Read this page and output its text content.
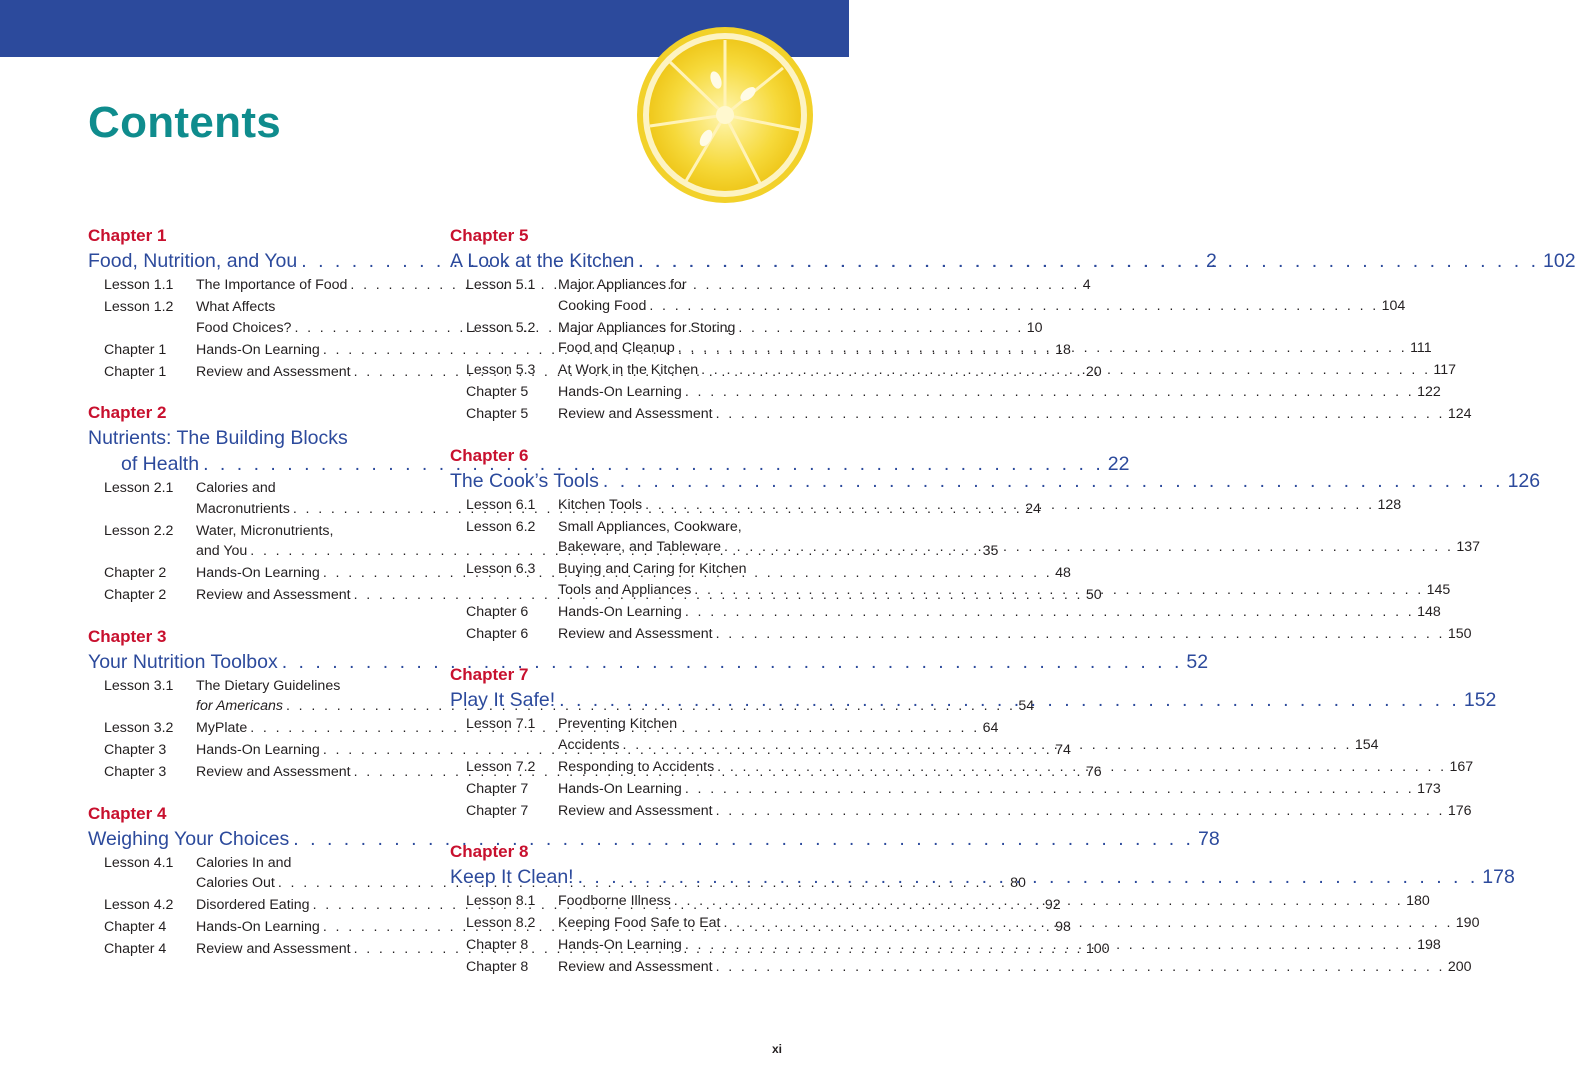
Contents
Chapter 1
Food, Nutrition, and You . . .	2
Lesson 1.1	The Importance of Food . . .	4
Lesson 1.2	What Affects
Food Choices? . . .	10
Chapter 1	Hands-On Learning . . .	18
Chapter 1	Review and Assessment . . .	20
Chapter 2
Nutrients: The Building Blocks
of Health . . .	22
Lesson 2.1	Calories and
Macronutrients . . .	24
Lesson 2.2	Water, Micronutrients,
and You . . .	35
Chapter 2	Hands-On Learning . . .	48
Chapter 2	Review and Assessment . . .	50
Chapter 3
Your Nutrition Toolbox . . .	52
Lesson 3.1	The Dietary Guidelines
for Americans . . .	54
Lesson 3.2	MyPlate . . .	64
Chapter 3	Hands-On Learning . . .	74
Chapter 3	Review and Assessment . . .	76
Chapter 4
Weighing Your Choices . . .	78
Lesson 4.1	Calories In and
Calories Out . . .	80
Lesson 4.2	Disordered Eating . . .	92
Chapter 4	Hands-On Learning . . .	98
Chapter 4	Review and Assessment . . .	100
Chapter 5
A Look at the Kitchen . . .	102
Lesson 5.1	Major Appliances for
Cooking Food . . .	104
Lesson 5.2	Major Appliances for Storing
Food and Cleanup . . .	111
Lesson 5.3	At Work in the Kitchen . . .	117
Chapter 5	Hands-On Learning . . .	122
Chapter 5	Review and Assessment . . .	124
Chapter 6
The Cook’s Tools . . .	126
Lesson 6.1	Kitchen Tools . . .	128
Lesson 6.2	Small Appliances, Cookware,
Bakeware, and Tableware . . .	137
Lesson 6.3	Buying and Caring for Kitchen
Tools and Appliances . . .	145
Chapter 6	Hands-On Learning . . .	148
Chapter 6	Review and Assessment . . .	150
Chapter 7
Play It Safe! . . .	152
Lesson 7.1	Preventing Kitchen
Accidents . . .	154
Lesson 7.2	Responding to Accidents . . .	167
Chapter 7	Hands-On Learning . . .	173
Chapter 7	Review and Assessment . . .	176
Chapter 8
Keep It Clean! . . .	178
Lesson 8.1	Foodborne Illness . . .	180
Lesson 8.2	Keeping Food Safe to Eat . . .	190
Chapter 8	Hands-On Learning . . .	198
Chapter 8	Review and Assessment . . .	200
xi
